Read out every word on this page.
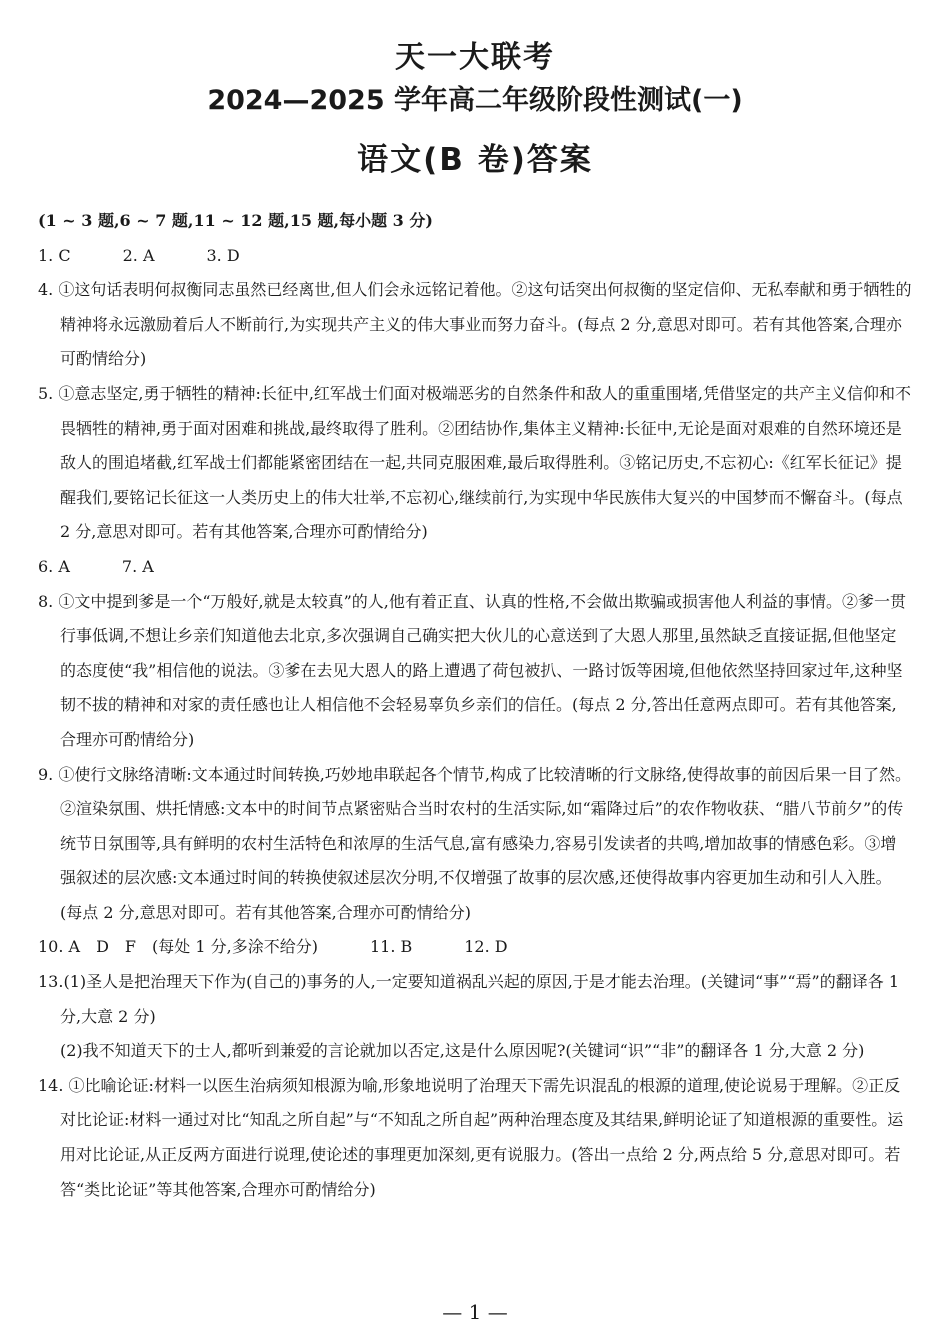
天一大联考
2024—2025 学年高二年级阶段性测试(一)
语文(B 卷)答案

(1 ~ 3 题,6 ~ 7 题,11 ~ 12 题,15 题,每小题 3 分)

1. C	2. A	3. D

4. ①这句话表明何叔衡同志虽然已经离世,但人们会永远铭记着他。②这句话突出何叔衡的坚定信仰、无私奉献和勇于牺牲的精神将永远激励着后人不断前行,为实现共产主义的伟大事业而努力奋斗。(每点 2 分,意思对即可。若有其他答案,合理亦可酌情给分)

5. ①意志坚定,勇于牺牲的精神:长征中,红军战士们面对极端恶劣的自然条件和敌人的重重围堵,凭借坚定的共产主义信仰和不畏牺牲的精神,勇于面对困难和挑战,最终取得了胜利。②团结协作,集体主义精神:长征中,无论是面对艰难的自然环境还是敌人的围追堵截,红军战士们都能紧密团结在一起,共同克服困难,最后取得胜利。③铭记历史,不忘初心:《红军长征记》提醒我们,要铭记长征这一人类历史上的伟大壮举,不忘初心,继续前行,为实现中华民族伟大复兴的中国梦而不懈奋斗。(每点 2 分,意思对即可。若有其他答案,合理亦可酌情给分)

6. A	7. A

8. ①文中提到爹是一个“万般好,就是太较真”的人,他有着正直、认真的性格,不会做出欺骗或损害他人利益的事情。②爹一贯行事低调,不想让乡亲们知道他去北京,多次强调自己确实把大伙儿的心意送到了大恩人那里,虽然缺乏直接证据,但他坚定的态度使“我”相信他的说法。③爹在去见大恩人的路上遭遇了荷包被扒、一路讨饭等困境,但他依然坚持回家过年,这种坚韧不拔的精神和对家的责任感也让人相信他不会轻易辜负乡亲们的信任。(每点 2 分,答出任意两点即可。若有其他答案,合理亦可酌情给分)

9. ①使行文脉络清晰:文本通过时间转换,巧妙地串联起各个情节,构成了比较清晰的行文脉络,使得故事的前因后果一目了然。②渲染氛围、烘托情感:文本中的时间节点紧密贴合当时农村的生活实际,如“霜降过后”的农作物收获、“腊八节前夕”的传统节日氛围等,具有鲜明的农村生活特色和浓厚的生活气息,富有感染力,容易引发读者的共鸣,增加故事的情感色彩。③增强叙述的层次感:文本通过时间的转换使叙述层次分明,不仅增强了故事的层次感,还使得故事内容更加生动和引人入胜。(每点 2 分,意思对即可。若有其他答案,合理亦可酌情给分)

10. A　D　F　(每处 1 分,多涂不给分)	11. B	12. D

13.(1)圣人是把治理天下作为(自己的)事务的人,一定要知道祸乱兴起的原因,于是才能去治理。(关键词“事”“焉”的翻译各 1 分,大意 2 分)

(2)我不知道天下的士人,都听到兼爱的言论就加以否定,这是什么原因呢?(关键词“识”“非”的翻译各 1 分,大意 2 分)

14. ①比喻论证:材料一以医生治病须知根源为喻,形象地说明了治理天下需先识混乱的根源的道理,使论说易于理解。②正反对比论证:材料一通过对比“知乱之所自起”与“不知乱之所自起”两种治理态度及其结果,鲜明论证了知道根源的重要性。运用对比论证,从正反两方面进行说理,使论述的事理更加深刻,更有说服力。(答出一点给 2 分,两点给 5 分,意思对即可。若答“类比论证”等其他答案,合理亦可酌情给分)

— 1 —
